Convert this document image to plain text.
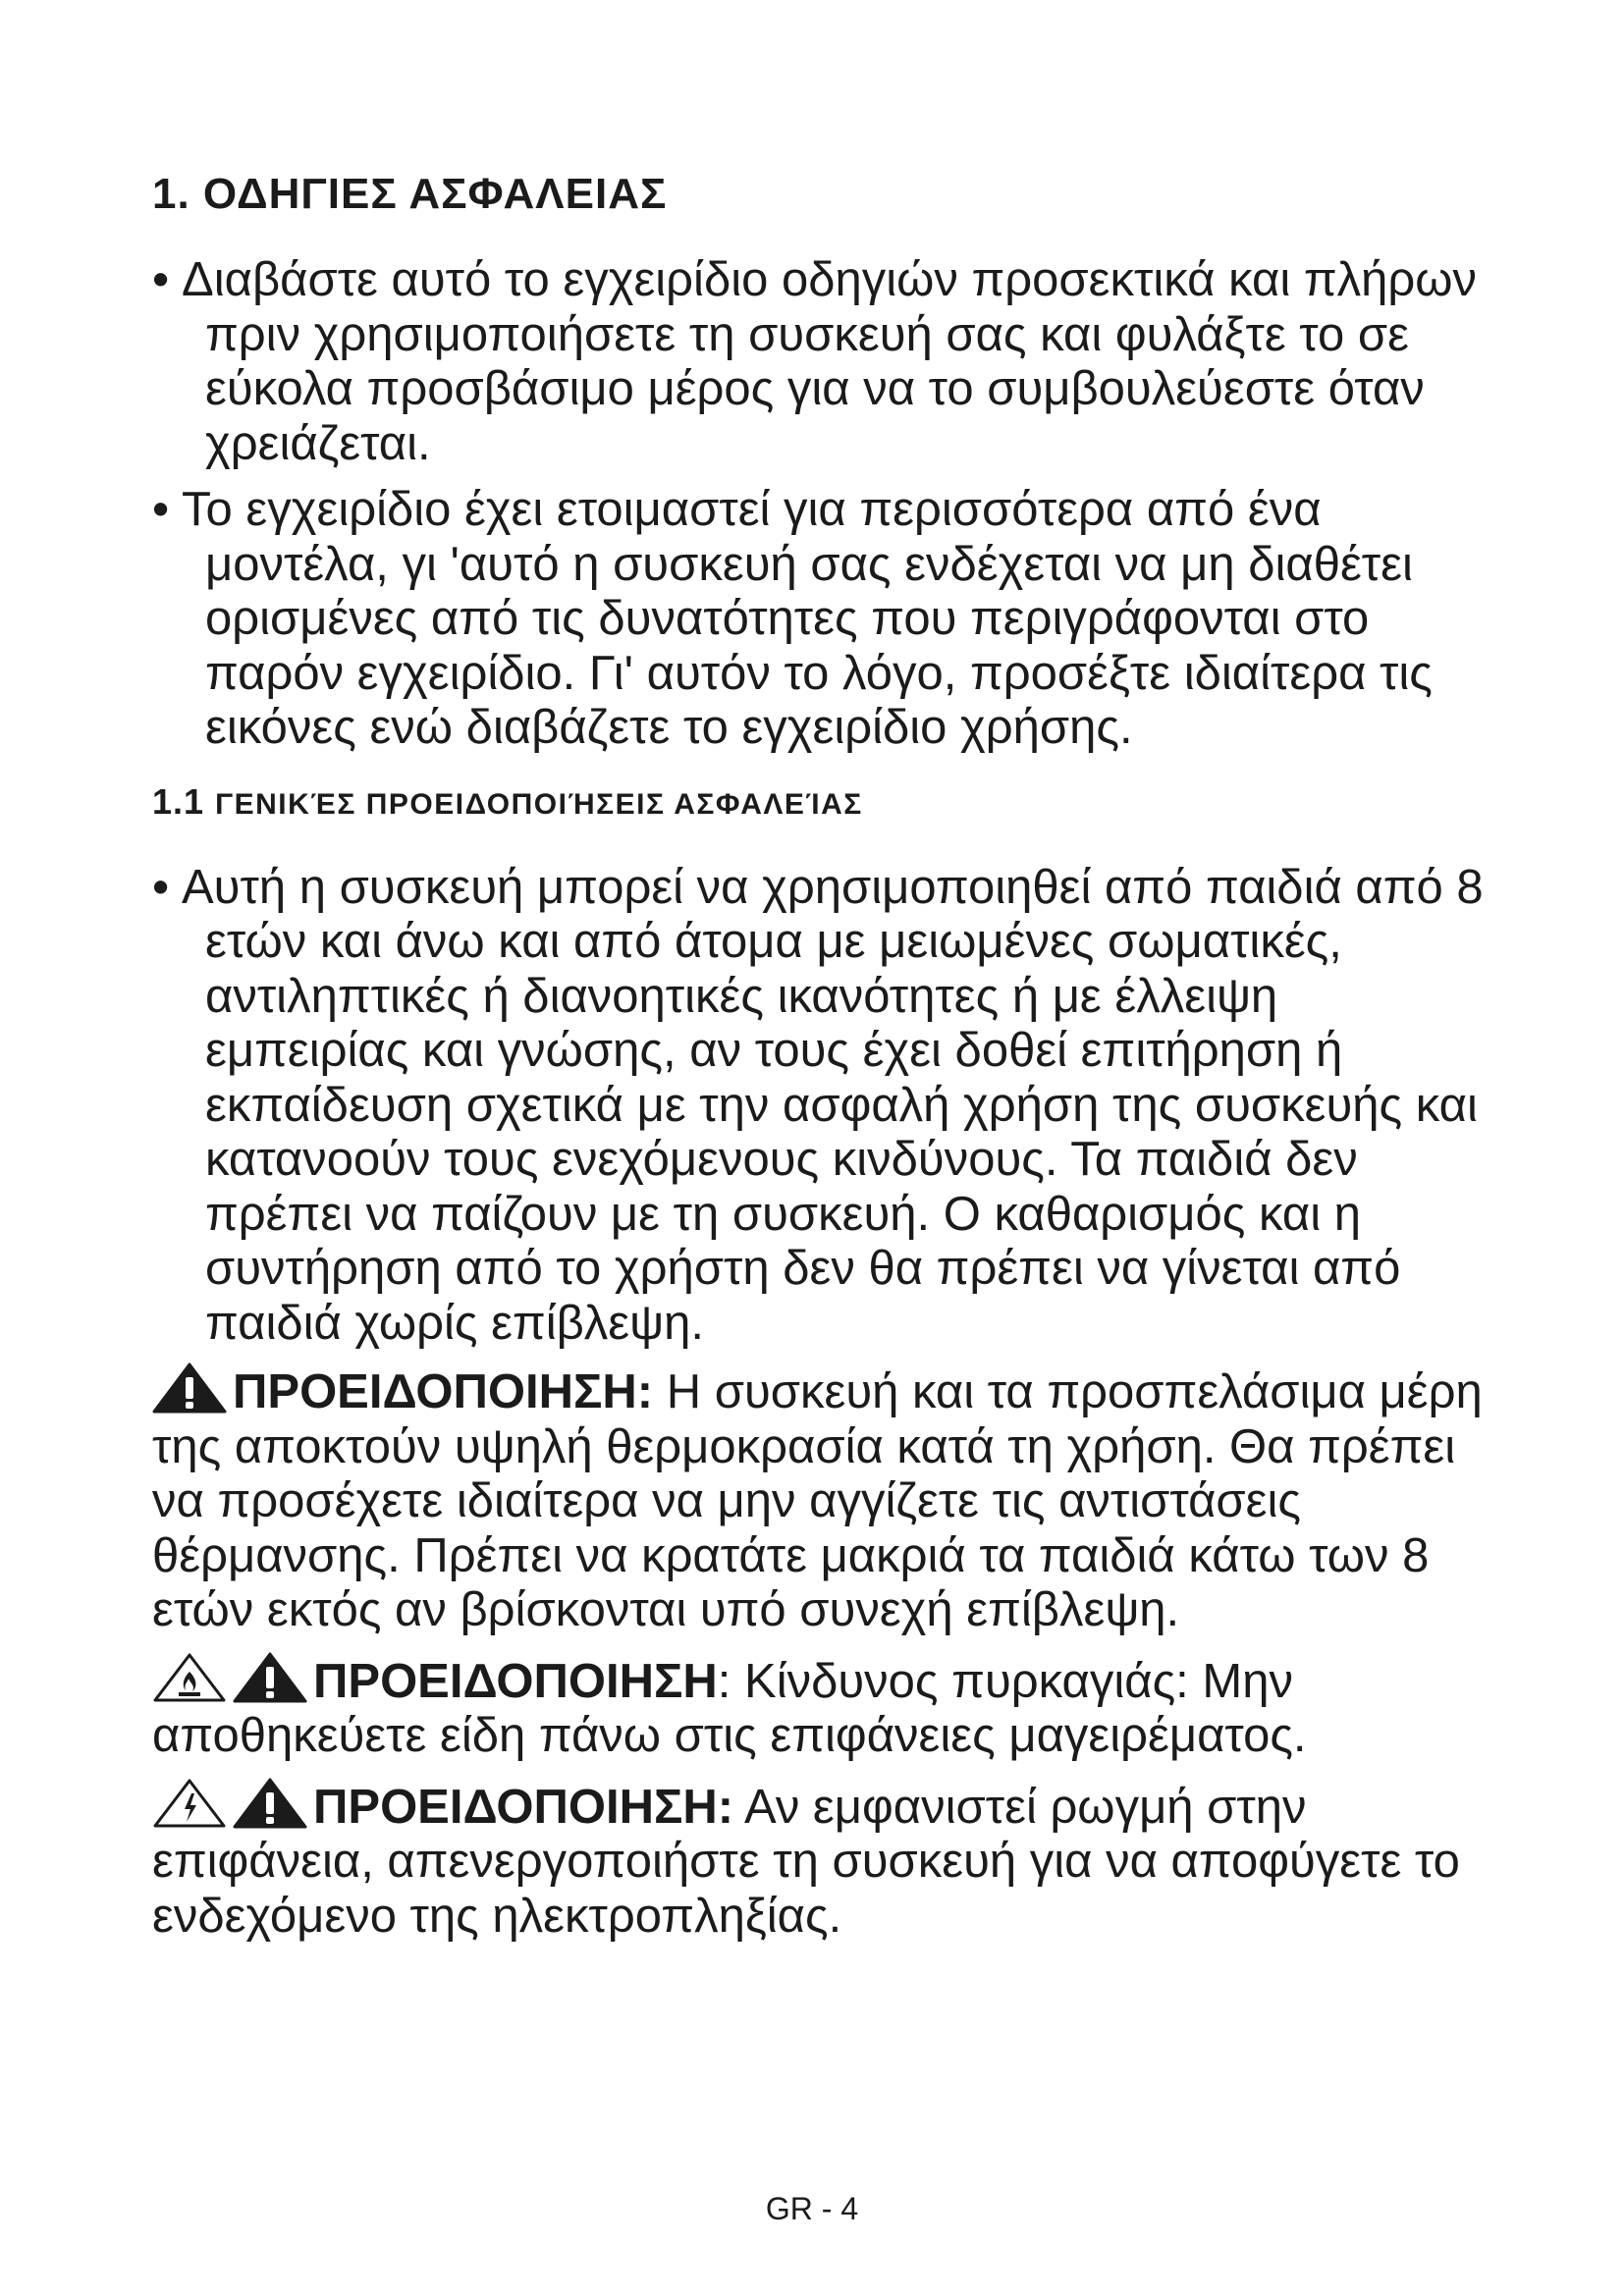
1. ΟΔΗΓΙΕΣ ΑΣΦΑΛΕΙΑΣ

• Διαβάστε αυτό το εγχειρίδιο οδηγιών προσεκτικά και πλήρων πριν χρησιμοποιήσετε τη συσκευή σας και φυλάξτε το σε εύκολα προσβάσιμο μέρος για να το συμβουλεύεστε όταν χρειάζεται.

• Το εγχειρίδιο έχει ετοιμαστεί για περισσότερα από ένα μοντέλα, γι 'αυτό η συσκευή σας ενδέχεται να μη διαθέτει ορισμένες από τις δυνατότητες που περιγράφονται στο παρόν εγχειρίδιο. Γι' αυτόν το λόγο, προσέξτε ιδιαίτερα τις εικόνες ενώ διαβάζετε το εγχειρίδιο χρήσης.

1.1 ΓΕΝΙΚΈΣ ΠΡΟΕΙΔΟΠΟΙΉΣΕΙΣ ΑΣΦΑΛΕΊΑΣ

• Αυτή η συσκευή μπορεί να χρησιμοποιηθεί από παιδιά από 8 ετών και άνω και από άτομα με μειωμένες σωματικές, αντιληπτικές ή διανοητικές ικανότητες ή με έλλειψη εμπειρίας και γνώσης, αν τους έχει δοθεί επιτήρηση ή εκπαίδευση σχετικά με την ασφαλή χρήση της συσκευής και κατανοούν τους ενεχόμενους κινδύνους. Τα παιδιά δεν πρέπει να παίζουν με τη συσκευή. Ο καθαρισμός και η συντήρηση από το χρήστη δεν θα πρέπει να γίνεται από παιδιά χωρίς επίβλεψη.

ΠΡΟΕΙΔΟΠΟΙΗΣΗ: Η συσκευή και τα προσπελάσιμα μέρη της αποκτούν υψηλή θερμοκρασία κατά τη χρήση. Θα πρέπει να προσέχετε ιδιαίτερα να μην αγγίζετε τις αντιστάσεις θέρμανσης. Πρέπει να κρατάτε μακριά τα παιδιά κάτω των 8 ετών εκτός αν βρίσκονται υπό συνεχή επίβλεψη.

ΠΡΟΕΙΔΟΠΟΙΗΣΗ: Κίνδυνος πυρκαγιάς: Μην αποθηκεύετε είδη πάνω στις επιφάνειες μαγειρέματος.

ΠΡΟΕΙΔΟΠΟΙΗΣΗ: Αν εμφανιστεί ρωγμή στην επιφάνεια, απενεργοποιήστε τη συσκευή για να αποφύγετε το ενδεχόμενο της ηλεκτροπληξίας.

GR - 4
